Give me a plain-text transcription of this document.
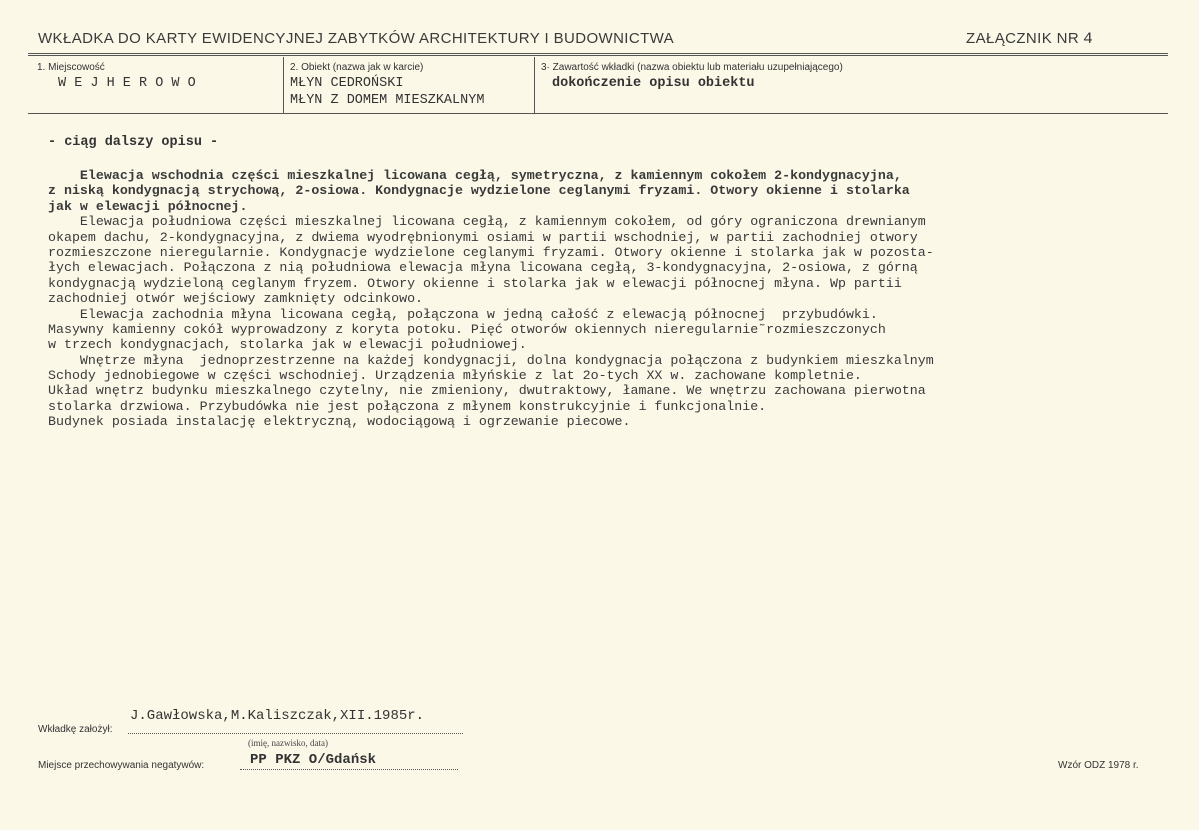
WKŁADKA DO KARTY EWIDENCYJNEJ ZABYTKÓW ARCHITEKTURY I BUDOWNICTWA	ZAŁĄCZNIK NR 4
1. Miejscowość
W E J H E R O W O
2. Obiekt (nazwa jak w karcie)
MŁYN CEDROŃSKI
MŁYN Z DOMEM MIESZKALNYM
3· Zawartość wkładki (nazwa obiektu lub materiału uzupełniającego)
dokończenie opisu obiektu
- ciąg dalszy opisu -
Elewacja wschodnia części mieszkalnej licowana cegłą, symetryczna, z kamiennym cokołem 2-kondygnacyjna,
z niską kondygnacją strychową, 2-osiowa. Kondygnacje wydzielone ceglanymi fryzami. Otwory okienne i stolarka
jak w elewacji północnej.
Elewacja południowa części mieszkalnej licowana cegłą, z kamiennym cokołem, od góry ograniczona drewnianym
okapem dachu, 2-kondygnacyjna, z dwiema wyodrębnionymi osiami w partii wschodniej, w partii zachodniej otwory
rozmieszczone nieregularnie. Kondygnacje wydzielone ceglanymi fryzami. Otwory okienne i stolarka jak w pozosta-
łych elewacjach. Połączona z nią południowa elewacja młyna licowana cegłą, 3-kondygnacyjna, 2-osiowa, z górną
kondygnacją wydzieloną ceglanym fryzem. Otwory okienne i stolarka jak w elewacji północnej młyna. Wp partii
zachodniej otwór wejściowy zamknięty odcinkowo.
Elewacja zachodnia młyna licowana cegłą, połączona w jedną całość z elewacją północnej  przybudówki.
Masywny kamienny cokół wyprowadzony z koryta potoku. Pięć otworów okiennych nieregularnie˜rozmieszczonych
w trzech kondygnacjach, stolarka jak w elewacji południowej.
Wnętrze młyna  jednoprzestrzenne na każdej kondygnacji, dolna kondygnacja połączona z budynkiem mieszkalnym
Schody jednobiegowe w części wschodniej. Urządzenia młyńskie z lat 2o-tych XX w. zachowane kompletnie.
Układ wnętrz budynku mieszkalnego czytelny, nie zmieniony, dwutraktowy, łamane. We wnętrzu zachowana pierwotna
stolarka drzwiowa. Przybudówka nie jest połączona z młynem konstrukcyjnie i funkcjonalnie.
Budynek posiada instalację elektryczną, wodociągową i ogrzewanie piecowe.
Wkładkę założył:
J.Gawłowska,M.Kaliszczak,XII.1985r.
(imię, nazwisko, data)
Miejsce przechowywania negatywów:	PP PKZ O/Gdańsk	Wzór ODZ 1978 r.
